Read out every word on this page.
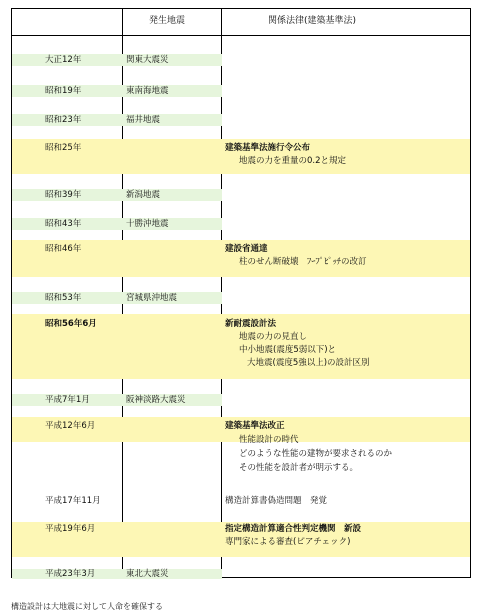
発生地震	関係法律(建築基準法)
大正12年
昭和19年
昭和23年
昭和25年
昭和39年
昭和43年
昭和46年
昭和53年
昭和56年6月
平成7年1月
平成12年6月
平成17年11月
平成19年6月
平成23年3月
関東大震災
東南海地震
福井地震
新潟地震
十勝沖地震
宮城県沖地震
阪神淡路大震災
東北大震災
建築基準法施行令公布
地震の力を重量の0.2と規定
建設省通達
柱のせん断破壊　ﾌｰﾌﾟﾋﾟｯﾁの改訂
新耐震設計法
地震の力の見直し
中小地震(震度5弱以下)と
大地震(震度5強以上)の設計区別
建築基準法改正
性能設計の時代
どのような性能の建物が要求されるのか
その性能を設計者が明示する。
構造計算書偽造問題　発覚
指定構造計算適合性判定機関　新設
専門家による審査(ピアチェック)
構造設計は大地震に対して人命を確保する
